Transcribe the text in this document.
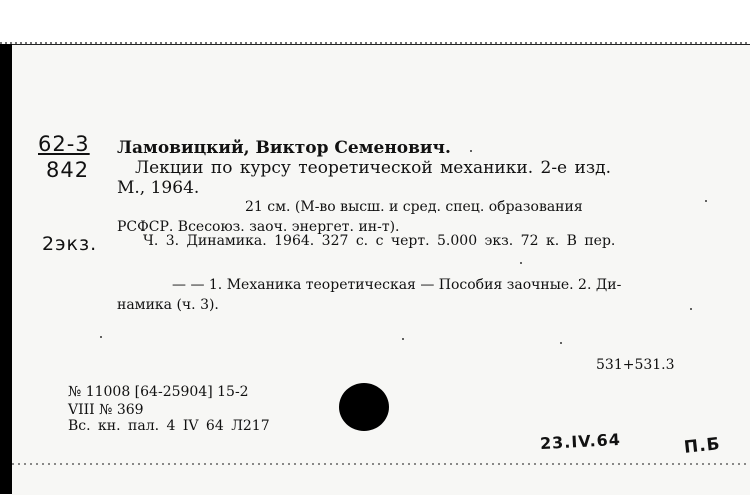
62-3
842
2экз.
Ламовицкий, Виктор Семенович.
Лекции по курсу теоретической механики. 2-е изд.
М., 1964.
21 см. (М-во высш. и сред. спец. образования
РСФСР. Всесоюз. заоч. энергет. ин-т).
Ч. 3. Динамика. 1964. 327 с. с черт. 5.000 экз. 72 к. В пер.
— — 1. Механика теоретическая — Пособия заочные. 2. Ди-
намика (ч. 3).
531+531.3
№ 11008 [64-25904] 15-2
VIII № 369
Вс. кн. пал. 4 IV 64 Л217
23.IV.64	П.Б
